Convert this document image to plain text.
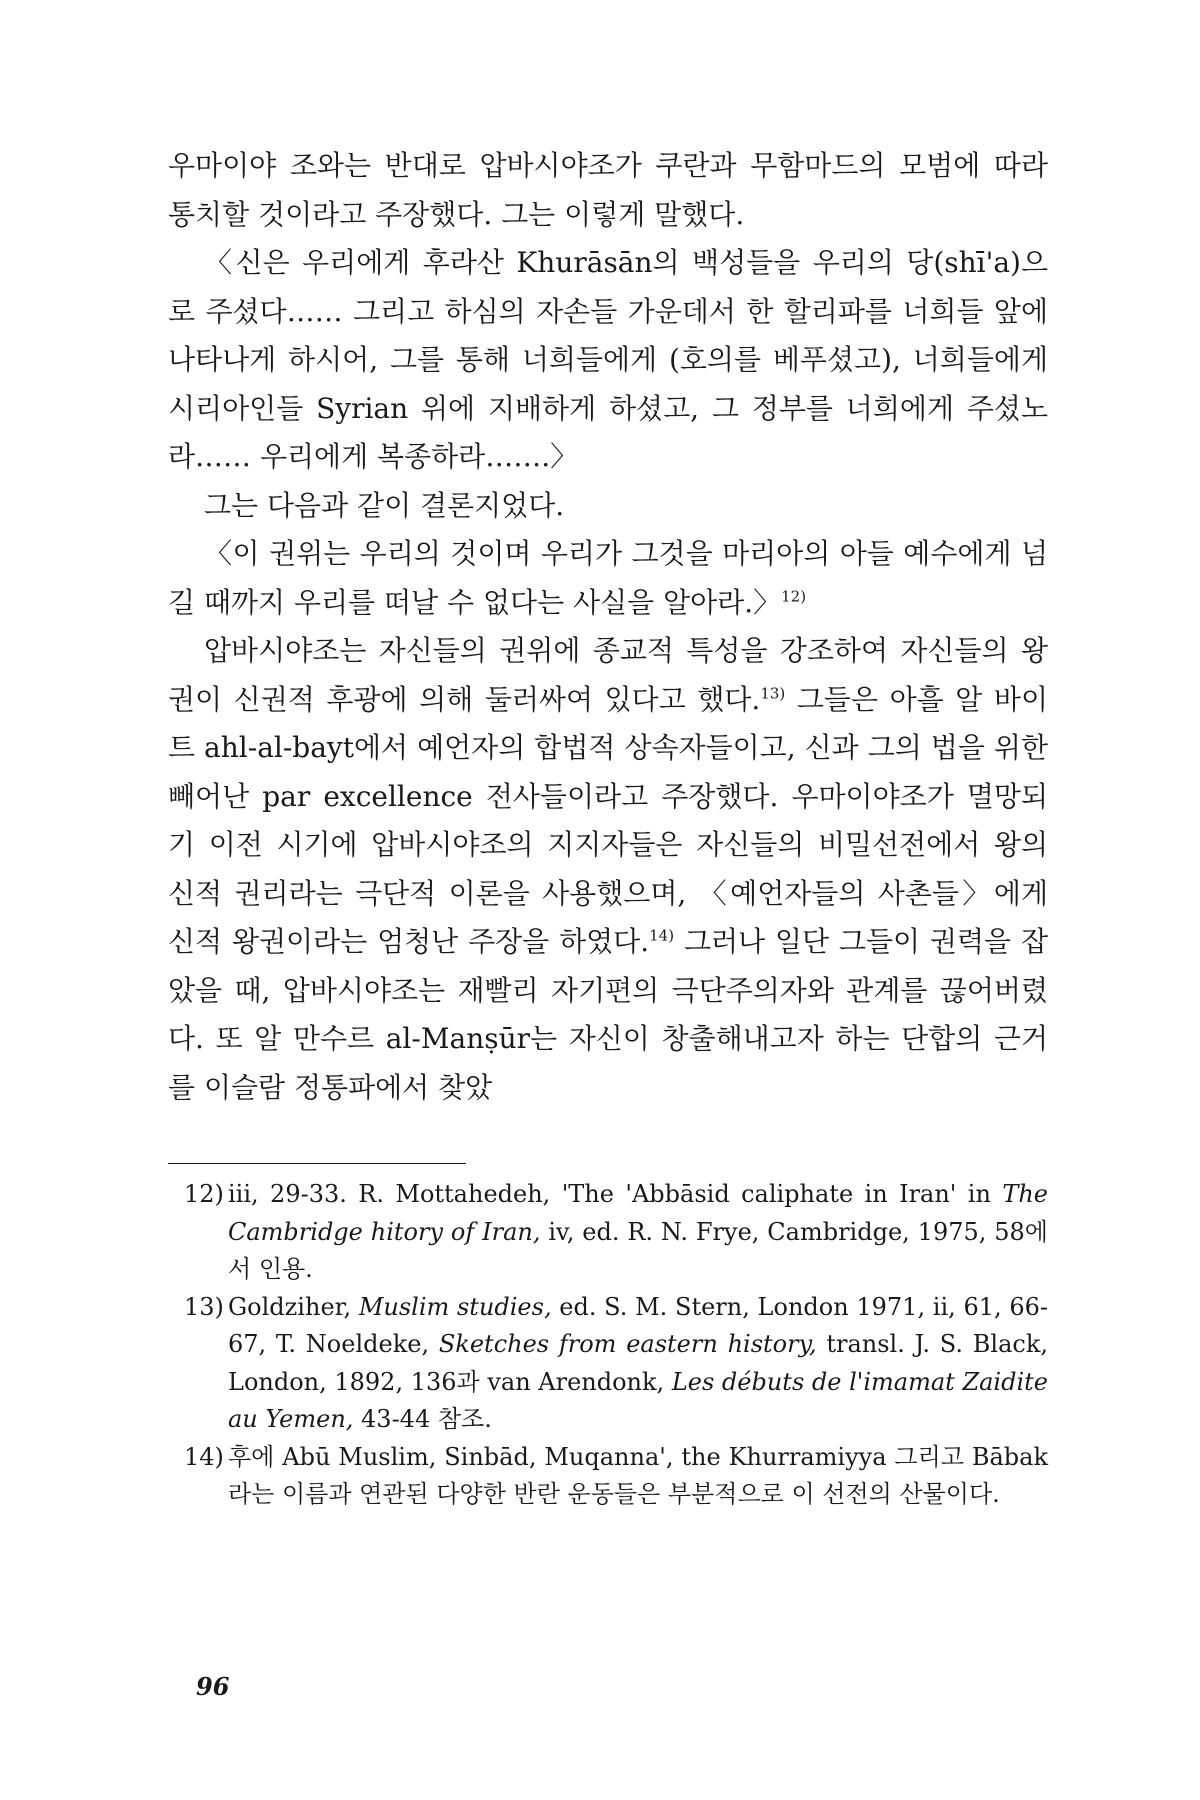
우마이야 조와는 반대로 압바시야조가 쿠란과 무함마드의 모범에 따라 통치할 것이라고 주장했다. 그는 이렇게 말했다.

〈신은 우리에게 후라산 Khurāsān의 백성들을 우리의 당(shī'a)으로 주셨다…… 그리고 하심의 자손들 가운데서 한 할리파를 너희들 앞에 나타나게 하시어, 그를 통해 너희들에게 (호의를 베푸셨고), 너희들에게 시리아인들 Syrian 위에 지배하게 하셨고, 그 정부를 너희에게 주셨노라…… 우리에게 복종하라…….〉

그는 다음과 같이 결론지었다.

〈이 권위는 우리의 것이며 우리가 그것을 마리아의 아들 예수에게 넘길 때까지 우리를 떠날 수 없다는 사실을 알아라.〉$^{12)}$

압바시야조는 자신들의 권위에 종교적 특성을 강조하여 자신들의 왕권이 신권적 후광에 의해 둘러싸여 있다고 했다.$^{13)}$ 그들은 아흘 알 바이트 ahl-al-bayt에서 예언자의 합법적 상속자들이고, 신과 그의 법을 위한 빼어난 par excellence 전사들이라고 주장했다. 우마이야조가 멸망되기 이전 시기에 압바시야조의 지지자들은 자신들의 비밀선전에서 왕의 신적 권리라는 극단적 이론을 사용했으며, 〈예언자들의 사촌들〉에게 신적 왕권이라는 엄청난 주장을 하였다.$^{14)}$ 그러나 일단 그들이 권력을 잡았을 때, 압바시야조는 재빨리 자기편의 극단주의자와 관계를 끊어버렸다. 또 알 만수르 al-Manṣūr는 자신이 창출해내고자 하는 단합의 근거를 이슬람 정통파에서 찾았

12) iii, 29-33. R. Mottahedeh, 'The 'Abbāsid caliphate in Iran' in The Cambridge hitory of Iran, iv, ed. R. N. Frye, Cambridge, 1975, 58에서 인용.

13) Goldziher, Muslim studies, ed. S. M. Stern, London 1971, ii, 61, 66-67, T. Noeldeke, Sketches from eastern history, transl. J. S. Black, London, 1892, 136과 van Arendonk, Les débuts de l'imamat Zaidite au Yemen, 43-44 참조.

14) 후에 Abū Muslim, Sinbād, Muqanna', the Khurramiyya 그리고 Bābak라는 이름과 연관된 다양한 반란 운동들은 부분적으로 이 선전의 산물이다.

96
